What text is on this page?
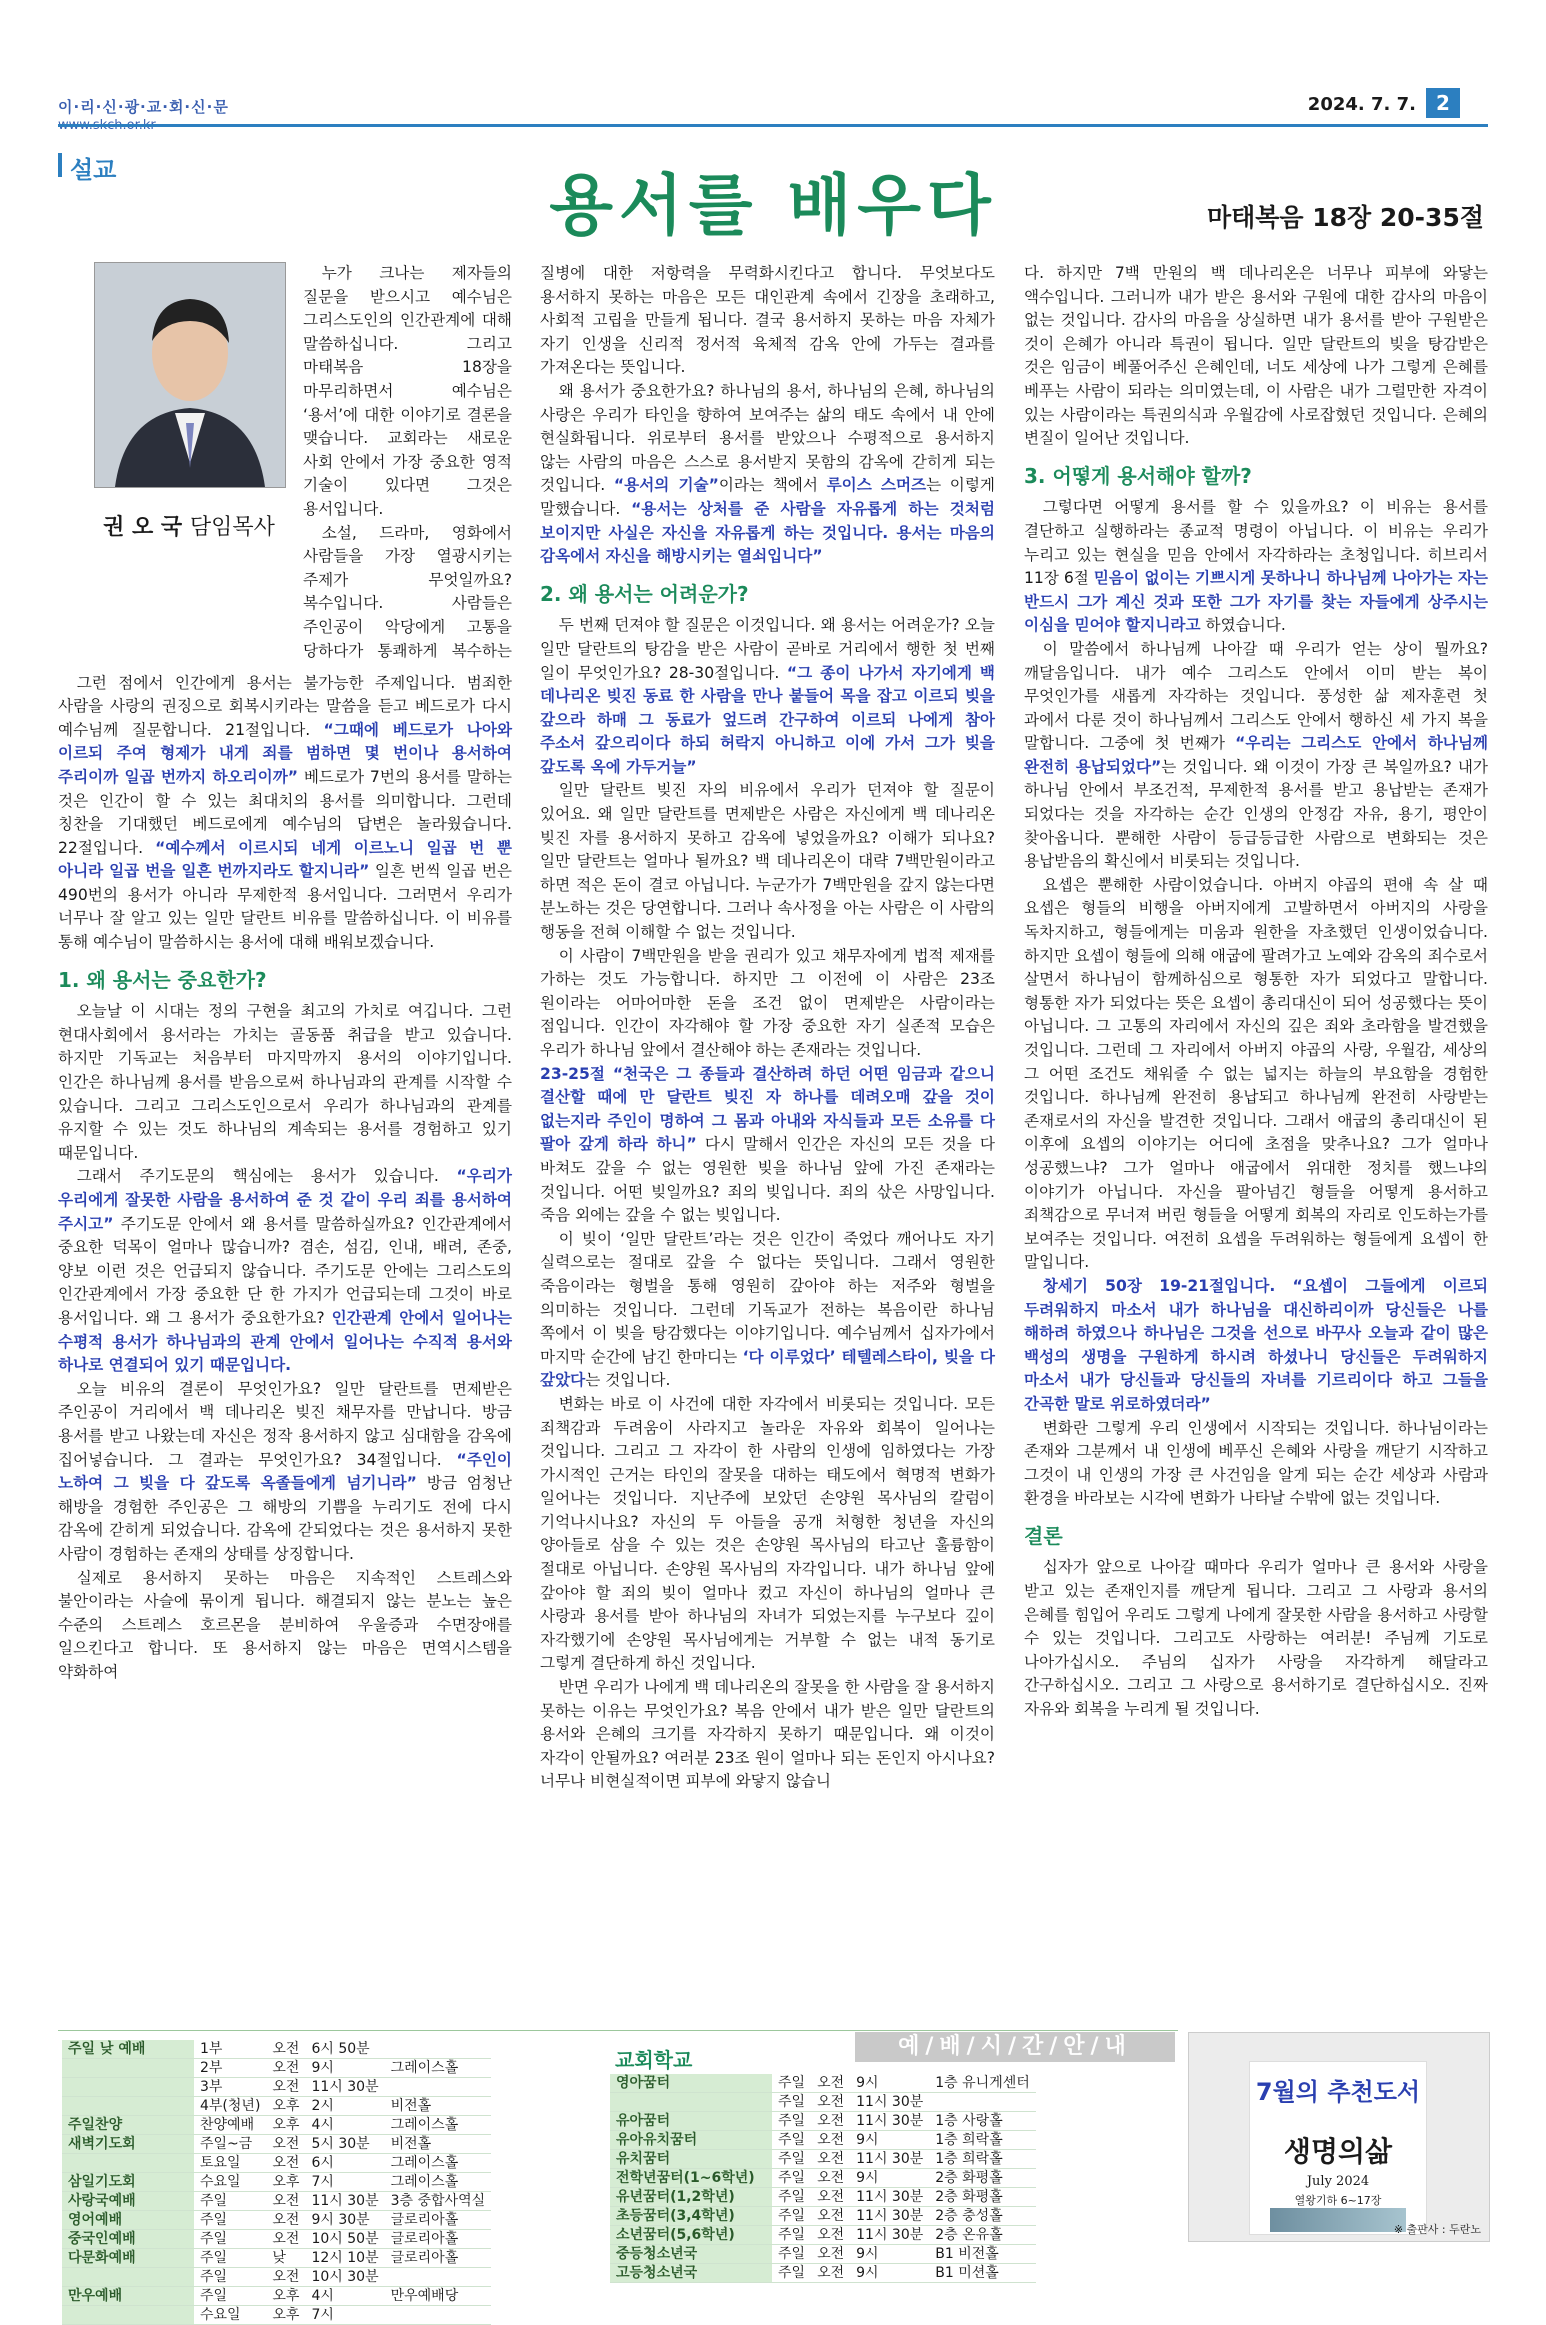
이·리·신·광·교·회·신·문	2024. 7. 7.	2
설교	용서를 배우다	마태복음 18장 20-35절
권 오 국 담임목사

누가 크나는 제자들의 질문을 받으시고 예수님은 그리스도인의 인간관계에 대해 말씀하십니다. 그리고 마태복음 18장을 마무리하면서 예수님은 ‘용서’에 대한 이야기로 결론을 맺습니다. 교회라는 새로운 사회 안에서 가장 중요한 영적 기술이 있다면 그것은 용서입니다.

소설, 드라마, 영화에서 사람들을 가장 열광시키는 주제가 무엇일까요? 복수입니다. 사람들은 주인공이 악당에게 고통을 당하다가 통쾌하게 복수하는

그런 점에서 인간에게 용서는 불가능한 주제입니다. 범죄한 사람을 사랑의 권징으로 회복시키라는 말씀을 듣고 베드로가 다시 예수님께 질문합니다. 21절입니다. “그때에 베드로가 나아와 이르되 주여 형제가 내게 죄를 범하면 몇 번이나 용서하여 주리이까 일곱 번까지 하오리이까” 베드로가 7번의 용서를 말하는 것은 인간이 할 수 있는 최대치의 용서를 의미합니다. 그런데 칭찬을 기대했던 베드로에게 예수님의 답변은 놀라웠습니다. 22절입니다. “예수께서 이르시되 네게 이르노니 일곱 번 뿐 아니라 일곱 번을 일흔 번까지라도 할지니라” 일흔 번씩 일곱 번은 490번의 용서가 아니라 무제한적 용서입니다. 그러면서 우리가 너무나 잘 알고 있는 일만 달란트 비유를 말씀하십니다. 이 비유를 통해 예수님이 말씀하시는 용서에 대해 배워보겠습니다.

1. 왜 용서는 중요한가?

오늘날 이 시대는 정의 구현을 최고의 가치로 여깁니다. 그런 현대사회에서 용서라는 가치는 골동품 취급을 받고 있습니다. 하지만 기독교는 처음부터 마지막까지 용서의 이야기입니다. 인간은 하나님께 용서를 받음으로써 하나님과의 관계를 시작할 수 있습니다. 그리고 그리스도인으로서 우리가 하나님과의 관계를 유지할 수 있는 것도 하나님의 계속되는 용서를 경험하고 있기 때문입니다.

그래서 주기도문의 핵심에는 용서가 있습니다. “우리가 우리에게 잘못한 사람을 용서하여 준 것 같이 우리 죄를 용서하여 주시고” 주기도문 안에서 왜 용서를 말씀하실까요? 인간관계에서 중요한 덕목이 얼마나 많습니까? 겸손, 섬김, 인내, 배려, 존중, 양보 이런 것은 언급되지 않습니다. 주기도문 안에는 그리스도의 인간관계에서 가장 중요한 단 한 가지가 언급되는데 그것이 바로 용서입니다. 왜 그 용서가 중요한가요? 인간관계 안에서 일어나는 수평적 용서가 하나님과의 관계 안에서 일어나는 수직적 용서와 하나로 연결되어 있기 때문입니다.

오늘 비유의 결론이 무엇인가요? 일만 달란트를 면제받은 주인공이 거리에서 백 데나리온 빚진 채무자를 만납니다. 방금 용서를 받고 나왔는데 자신은 정작 용서하지 않고 심대함을 감옥에 집어넣습니다. 그 결과는 무엇인가요? 34절입니다. “주인이 노하여 그 빚을 다 갚도록 옥졸들에게 넘기니라” 방금 엄청난 해방을 경험한 주인공은 그 해방의 기쁨을 누리기도 전에 다시 감옥에 갇히게 되었습니다. 감옥에 갇되었다는 것은 용서하지 못한 사람이 경험하는 존재의 상태를 상징합니다.

실제로 용서하지 못하는 마음은 지속적인 스트레스와 불안이라는 사슬에 묶이게 됩니다. 해결되지 않는 분노는 높은 수준의 스트레스 호르몬을 분비하여 우울증과 수면장애를 일으킨다고 합니다. 또 용서하지 않는 마음은 면역시스템을 약화하여

질병에 대한 저항력을 무력화시킨다고 합니다. 무엇보다도 용서하지 못하는 마음은 모든 대인관계 속에서 긴장을 초래하고, 사회적 고립을 만들게 됩니다. 결국 용서하지 못하는 마음 자체가 자기 인생을 신리적 정서적 육체적 감옥 안에 가두는 결과를 가져온다는 뜻입니다.

왜 용서가 중요한가요? 하나님의 용서, 하나님의 은혜, 하나님의 사랑은 우리가 타인을 향하여 보여주는 삶의 태도 속에서 내 안에 현실화됩니다. 위로부터 용서를 받았으나 수평적으로 용서하지 않는 사람의 마음은 스스로 용서받지 못함의 감옥에 갇히게 되는 것입니다. “용서의 기술”이라는 책에서 루이스 스머즈는 이렇게 말했습니다. “용서는 상처를 준 사람을 자유롭게 하는 것처럼 보이지만 사실은 자신을 자유롭게 하는 것입니다. 용서는 마음의 감옥에서 자신을 해방시키는 열쇠입니다”

2. 왜 용서는 어려운가?

두 번째 던져야 할 질문은 이것입니다. 왜 용서는 어려운가? 오늘 일만 달란트의 탕감을 받은 사람이 곧바로 거리에서 행한 첫 번째 일이 무엇인가요? 28-30절입니다. “그 종이 나가서 자기에게 백 데나리온 빚진 동료 한 사람을 만나 붙들어 목을 잡고 이르되 빚을 갚으라 하매 그 동료가 엎드려 간구하여 이르되 나에게 참아 주소서 갚으리이다 하되 허락지 아니하고 이에 가서 그가 빚을 갚도록 옥에 가두거늘”

일만 달란트 빚진 자의 비유에서 우리가 던져야 할 질문이 있어요. 왜 일만 달란트를 면제받은 사람은 자신에게 백 데나리온 빚진 자를 용서하지 못하고 감옥에 넣었을까요? 이해가 되나요? 일만 달란트는 얼마나 될까요? 백 데나리온이 대략 7백만원이라고 하면 적은 돈이 결코 아닙니다. 누군가가 7백만원을 갚지 않는다면 분노하는 것은 당연합니다. 그러나 속사정을 아는 사람은 이 사람의 행동을 전혀 이해할 수 없는 것입니다.

이 사람이 7백만원을 받을 권리가 있고 채무자에게 법적 제재를 가하는 것도 가능합니다. 하지만 그 이전에 이 사람은 23조 원이라는 어마어마한 돈을 조건 없이 면제받은 사람이라는 점입니다. 인간이 자각해야 할 가장 중요한 자기 실존적 모습은 우리가 하나님 앞에서 결산해야 하는 존재라는 것입니다.

23-25절 “천국은 그 종들과 결산하려 하던 어떤 임금과 같으니 결산할 때에 만 달란트 빚진 자 하나를 데려오매 갚을 것이 없는지라 주인이 명하여 그 몸과 아내와 자식들과 모든 소유를 다 팔아 갚게 하라 하니” 다시 말해서 인간은 자신의 모든 것을 다 바쳐도 갚을 수 없는 영원한 빚을 하나님 앞에 가진 존재라는 것입니다. 어떤 빚일까요? 죄의 빚입니다. 죄의 삯은 사망입니다. 죽음 외에는 갚을 수 없는 빚입니다.

이 빚이 ‘일만 달란트’라는 것은 인간이 죽었다 깨어나도 자기 실력으로는 절대로 갚을 수 없다는 뜻입니다. 그래서 영원한 죽음이라는 형벌을 통해 영원히 갚아야 하는 저주와 형벌을 의미하는 것입니다. 그런데 기독교가 전하는 복음이란 하나님 쪽에서 이 빚을 탕감했다는 이야기입니다. 예수님께서 십자가에서 마지막 순간에 남긴 한마디는 ‘다 이루었다’ 테텔레스타이, 빚을 다 갚았다는 것입니다.

변화는 바로 이 사건에 대한 자각에서 비롯되는 것입니다. 모든 죄책감과 두려움이 사라지고 놀라운 자유와 회복이 일어나는 것입니다. 그리고 그 자각이 한 사람의 인생에 임하였다는 가장 가시적인 근거는 타인의 잘못을 대하는 태도에서 혁명적 변화가 일어나는 것입니다. 지난주에 보았던 손양원 목사님의 칼럼이 기억나시나요? 자신의 두 아들을 공개 처형한 청년을 자신의 양아들로 삼을 수 있는 것은 손양원 목사님의 타고난 훌륭함이 절대로 아닙니다. 손양원 목사님의 자각입니다. 내가 하나님 앞에 갚아야 할 죄의 빚이 얼마나 컸고 자신이 하나님의 얼마나 큰 사랑과 용서를 받아 하나님의 자녀가 되었는지를 누구보다 깊이 자각했기에 손양원 목사님에게는 거부할 수 없는 내적 동기로 그렇게 결단하게 하신 것입니다.

반면 우리가 나에게 백 데나리온의 잘못을 한 사람을 잘 용서하지 못하는 이유는 무엇인가요? 복음 안에서 내가 받은 일만 달란트의 용서와 은혜의 크기를 자각하지 못하기 때문입니다. 왜 이것이 자각이 안될까요? 여러분 23조 원이 얼마나 되는 돈인지 아시나요? 너무나 비현실적이면 피부에 와닿지 않습니

다. 하지만 7백 만원의 백 데나리온은 너무나 피부에 와닿는 액수입니다. 그러니까 내가 받은 용서와 구원에 대한 감사의 마음이 없는 것입니다. 감사의 마음을 상실하면 내가 용서를 받아 구원받은 것이 은혜가 아니라 특권이 됩니다. 일만 달란트의 빚을 탕감받은 것은 임금이 베풀어주신 은혜인데, 너도 세상에 나가 그렇게 은혜를 베푸는 사람이 되라는 의미였는데, 이 사람은 내가 그럴만한 자격이 있는 사람이라는 특권의식과 우월감에 사로잡혔던 것입니다. 은혜의 변질이 일어난 것입니다.

3. 어떻게 용서해야 할까?

그렇다면 어떻게 용서를 할 수 있을까요? 이 비유는 용서를 결단하고 실행하라는 종교적 명령이 아닙니다. 이 비유는 우리가 누리고 있는 현실을 믿음 안에서 자각하라는 초청입니다. 히브리서 11장 6절 믿음이 없이는 기쁘시게 못하나니 하나님께 나아가는 자는 반드시 그가 계신 것과 또한 그가 자기를 찾는 자들에게 상주시는 이심을 믿어야 할지니라고 하였습니다.

이 말씀에서 하나님께 나아갈 때 우리가 얻는 상이 뭘까요? 깨달음입니다. 내가 예수 그리스도 안에서 이미 받는 복이 무엇인가를 새롭게 자각하는 것입니다. 풍성한 삶 제자훈련 첫 과에서 다룬 것이 하나님께서 그리스도 안에서 행하신 세 가지 복을 말합니다. 그중에 첫 번째가 “우리는 그리스도 안에서 하나님께 완전히 용납되었다”는 것입니다. 왜 이것이 가장 큰 복일까요? 내가 하나님 안에서 부조건적, 무제한적 용서를 받고 용납받는 존재가 되었다는 것을 자각하는 순간 인생의 안정감 자유, 용기, 평안이 찾아옵니다. 뿐해한 사람이 등급등급한 사람으로 변화되는 것은 용납받음의 확신에서 비롯되는 것입니다.

요셉은 뿐해한 사람이었습니다. 아버지 야곱의 편애 속 살 때 요셉은 형들의 비행을 아버지에게 고발하면서 아버지의 사랑을 독차지하고, 형들에게는 미움과 원한을 자초했던 인생이었습니다. 하지만 요셉이 형들에 의해 애굽에 팔려가고 노예와 감옥의 죄수로서 살면서 하나님이 함께하심으로 형통한 자가 되었다고 말합니다. 형통한 자가 되었다는 뜻은 요셉이 총리대신이 되어 성공했다는 뜻이 아닙니다. 그 고통의 자리에서 자신의 깊은 죄와 초라함을 발견했을 것입니다. 그런데 그 자리에서 아버지 야곱의 사랑, 우월감, 세상의 그 어떤 조건도 채워줄 수 없는 넓지는 하늘의 부요함을 경험한 것입니다. 하나님께 완전히 용납되고 하나님께 완전히 사랑받는 존재로서의 자신을 발견한 것입니다. 그래서 애굽의 총리대신이 된 이후에 요셉의 이야기는 어디에 초점을 맞추나요? 그가 얼마나 성공했느냐? 그가 얼마나 애굽에서 위대한 정치를 했느냐의 이야기가 아닙니다. 자신을 팔아넘긴 형들을 어떻게 용서하고 죄책감으로 무너져 버린 형들을 어떻게 회복의 자리로 인도하는가를 보여주는 것입니다. 여전히 요셉을 두려워하는 형들에게 요셉이 한 말입니다.

창세기 50장 19-21절입니다. “요셉이 그들에게 이르되 두려워하지 마소서 내가 하나님을 대신하리이까 당신들은 나를 해하려 하였으나 하나님은 그것을 선으로 바꾸사 오늘과 같이 많은 백성의 생명을 구원하게 하시려 하셨나니 당신들은 두려워하지 마소서 내가 당신들과 당신들의 자녀를 기르리이다 하고 그들을 간곡한 말로 위로하였더라”

변화란 그렇게 우리 인생에서 시작되는 것입니다. 하나님이라는 존재와 그분께서 내 인생에 베푸신 은혜와 사랑을 깨닫기 시작하고 그것이 내 인생의 가장 큰 사건임을 알게 되는 순간 세상과 사람과 환경을 바라보는 시각에 변화가 나타날 수밖에 없는 것입니다.

결론

십자가 앞으로 나아갈 때마다 우리가 얼마나 큰 용서와 사랑을 받고 있는 존재인지를 깨닫게 됩니다. 그리고 그 사랑과 용서의 은혜를 힘입어 우리도 그렇게 나에게 잘못한 사람을 용서하고 사랑할 수 있는 것입니다. 그리고도 사랑하는 여러분! 주님께 기도로 나아가십시오. 주님의 십자가 사랑을 자각하게 해달라고 간구하십시오. 그리고 그 사랑으로 용서하기로 결단하십시오. 진짜 자유와 회복을 누리게 될 것입니다.

예/배/시/간/안/내
주일 낮 예배	1부	오전	6시 50분	
	2부	오전	9시	그레이스홀
	3부	오전	11시 30분	
	4부(청년)	오후	2시	비전홀
주일찬양	찬양예배	오후	4시	그레이스홀
새벽기도회	주일~금	오전	5시 30분	비전홀
	토요일	오전	6시	그레이스홀
삼일기도회	수요일	오후	7시	그레이스홀
사랑국예배	주일	오전	11시 30분	3층 중합사역실
영어예배	주일	오전	9시 30분	글로리아홀
중국인예배	주일	오전	10시 50분	글로리아홀
다문화예배	주일	낮	12시 10분	글로리아홀
	주일	오전	10시 30분	
만우예배	주일	오후	4시	만우예배당
	수요일	오후	7시	
교회학교
영아꿈터	주일	오전	9시	1층 유니게센터
	주일	오전	11시 30분	
유아꿈터	주일	오전	11시 30분	1층 사랑홀
유아유치꿈터	주일	오전	9시	1층 희락홀
유치꿈터	주일	오전	11시 30분	1층 희락홀
전학년꿈터(1~6학년)	주일	오전	9시	2층 화평홀
유년꿈터(1,2학년)	주일	오전	11시 30분	2층 화평홀
초등꿈터(3,4학년)	주일	오전	11시 30분	2층 충성홀
소년꿈터(5,6학년)	주일	오전	11시 30분	2층 온유홀
중등청소년국	주일	오전	9시	B1 비전홀
고등청소년국	주일	오전	9시	B1 미션홀
7월의 추천도서
생명의삶
July 2024
열왕기하 6~17장
※ 출판사 : 두란노
